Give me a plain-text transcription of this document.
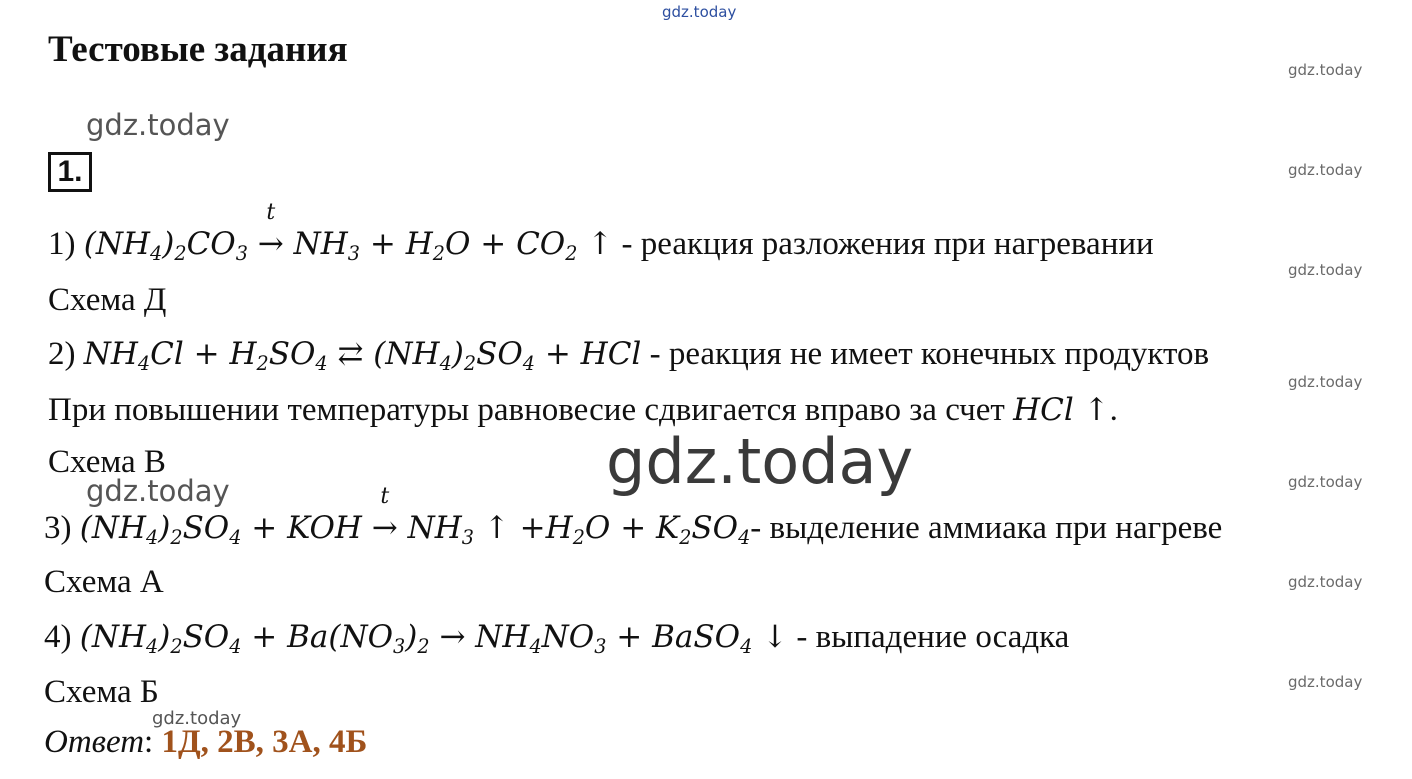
gdz.today
gdz.today
gdz.today
gdz.today
gdz.today
gdz.today
gdz.today
gdz.today
gdz.today
gdz.today
gdz.today
Тестовые задания
1.
1) $(NH_4)_2CO_3$
t
→ $NH_3 + H_2O + CO_2$ ↑ - реакция разложения при нагревании
Схема Д
2) $NH_4Cl + H_2SO_4$ ⇄ $(NH_4)_2SO_4$ + HCl - реакция не имеет конечных продуктов
При повышении температуры равновесие сдвигается вправо за счет HCl ↑.
Схема В
3) $(NH_4)_2SO_4$ + KOH
t
→ $NH_3$ ↑ $+H_2O + K_2SO_4-$ выделение аммиака при нагреве
Схема А
4) $(NH_4)_2SO_4 + Ba(NO_3)_2 \to NH_4NO_3$ + BaSO$_4$ ↓ - выпадение осадка
Схема Б
gdz.today
Ответ: 1Д, 2В, 3А, 4Б
